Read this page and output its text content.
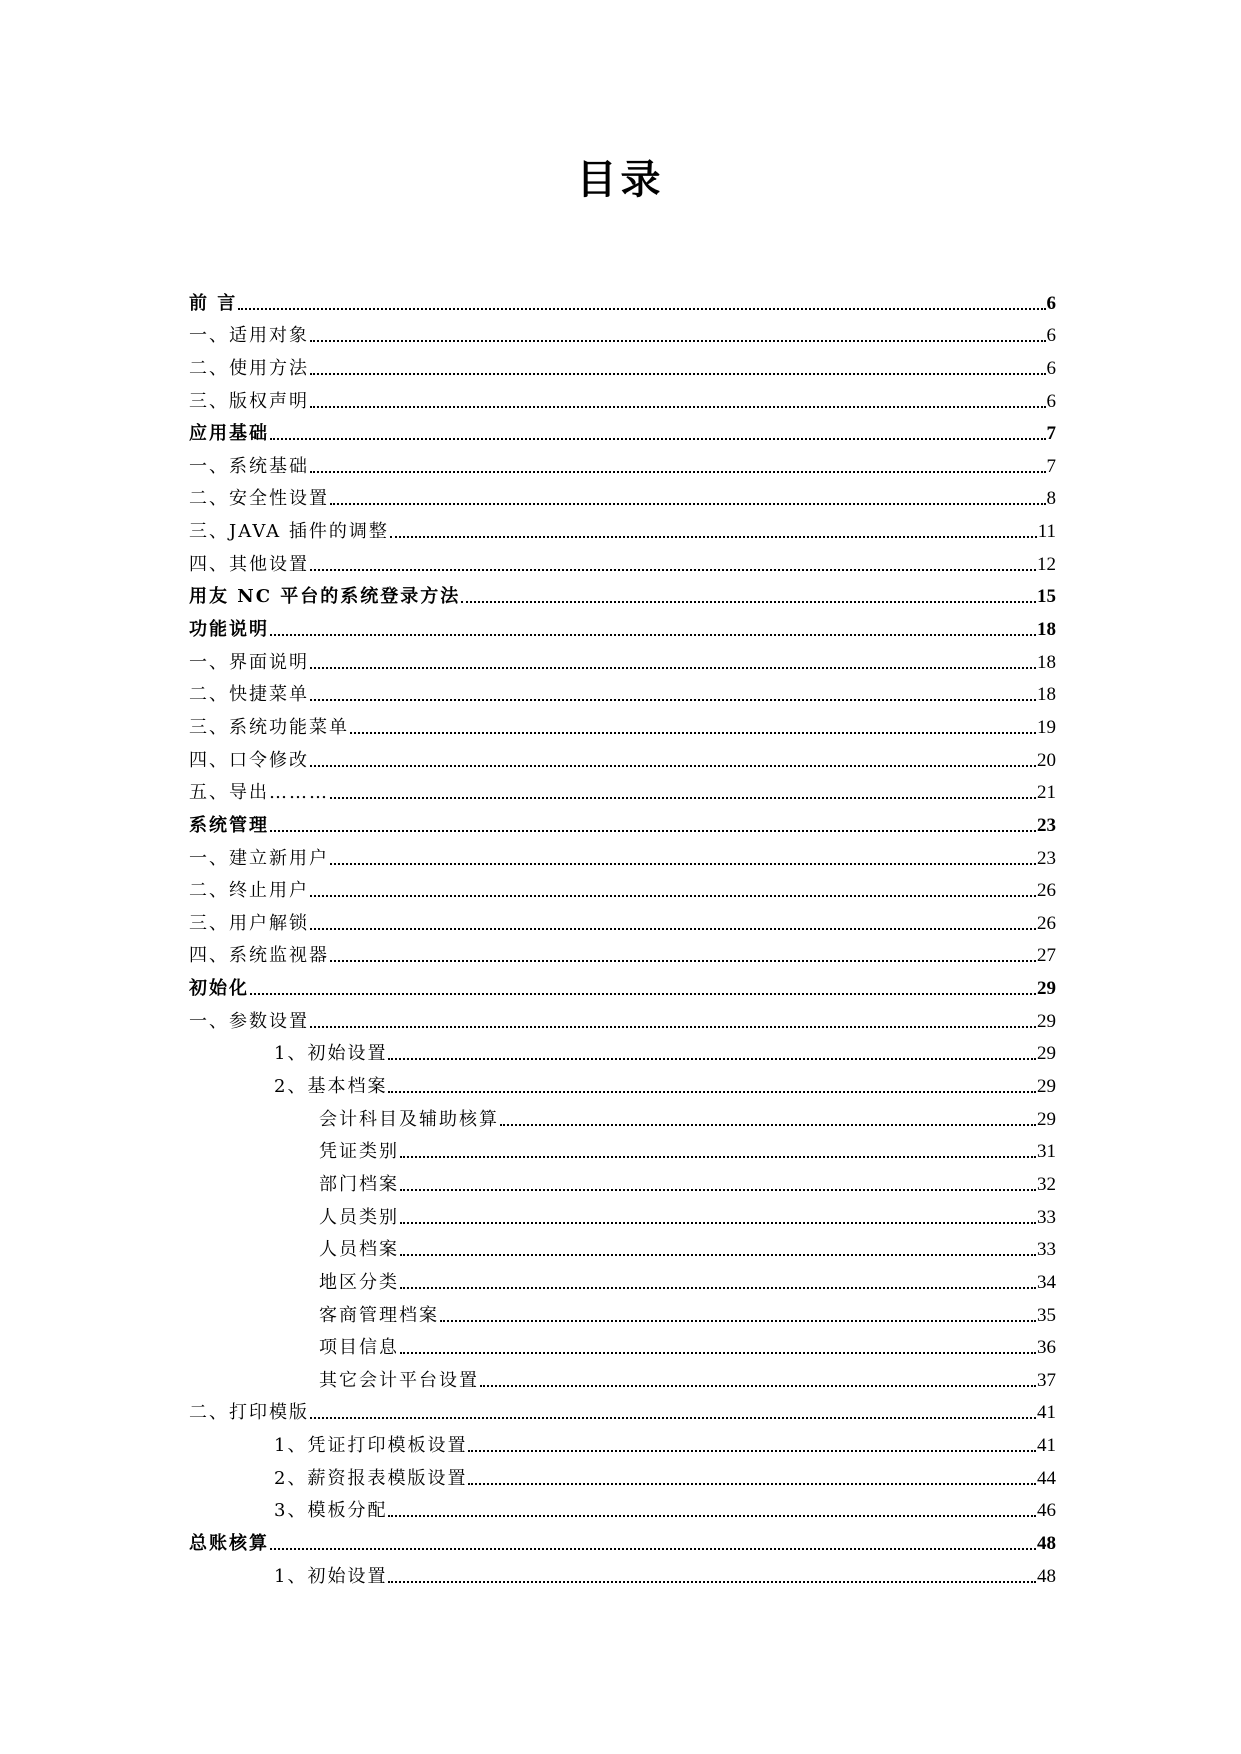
目录
前 言	6
一、适用对象	6
二、使用方法	6
三、版权声明	6
应用基础	7
一、系统基础	7
二、安全性设置	8
三、JAVA 插件的调整	11
四、其他设置	12
用友 NC 平台的系统登录方法	15
功能说明	18
一、界面说明	18
二、快捷菜单	18
三、系统功能菜单	19
四、口令修改	20
五、导出………	21
系统管理	23
一、建立新用户	23
二、终止用户	26
三、用户解锁	26
四、系统监视器	27
初始化	29
一、参数设置	29
1、初始设置	29
2、基本档案	29
会计科目及辅助核算	29
凭证类别	31
部门档案	32
人员类别	33
人员档案	33
地区分类	34
客商管理档案	35
项目信息	36
其它会计平台设置	37
二、打印模版	41
1、凭证打印模板设置	41
2、薪资报表模版设置	44
3、模板分配	46
总账核算	48
1、初始设置	48
